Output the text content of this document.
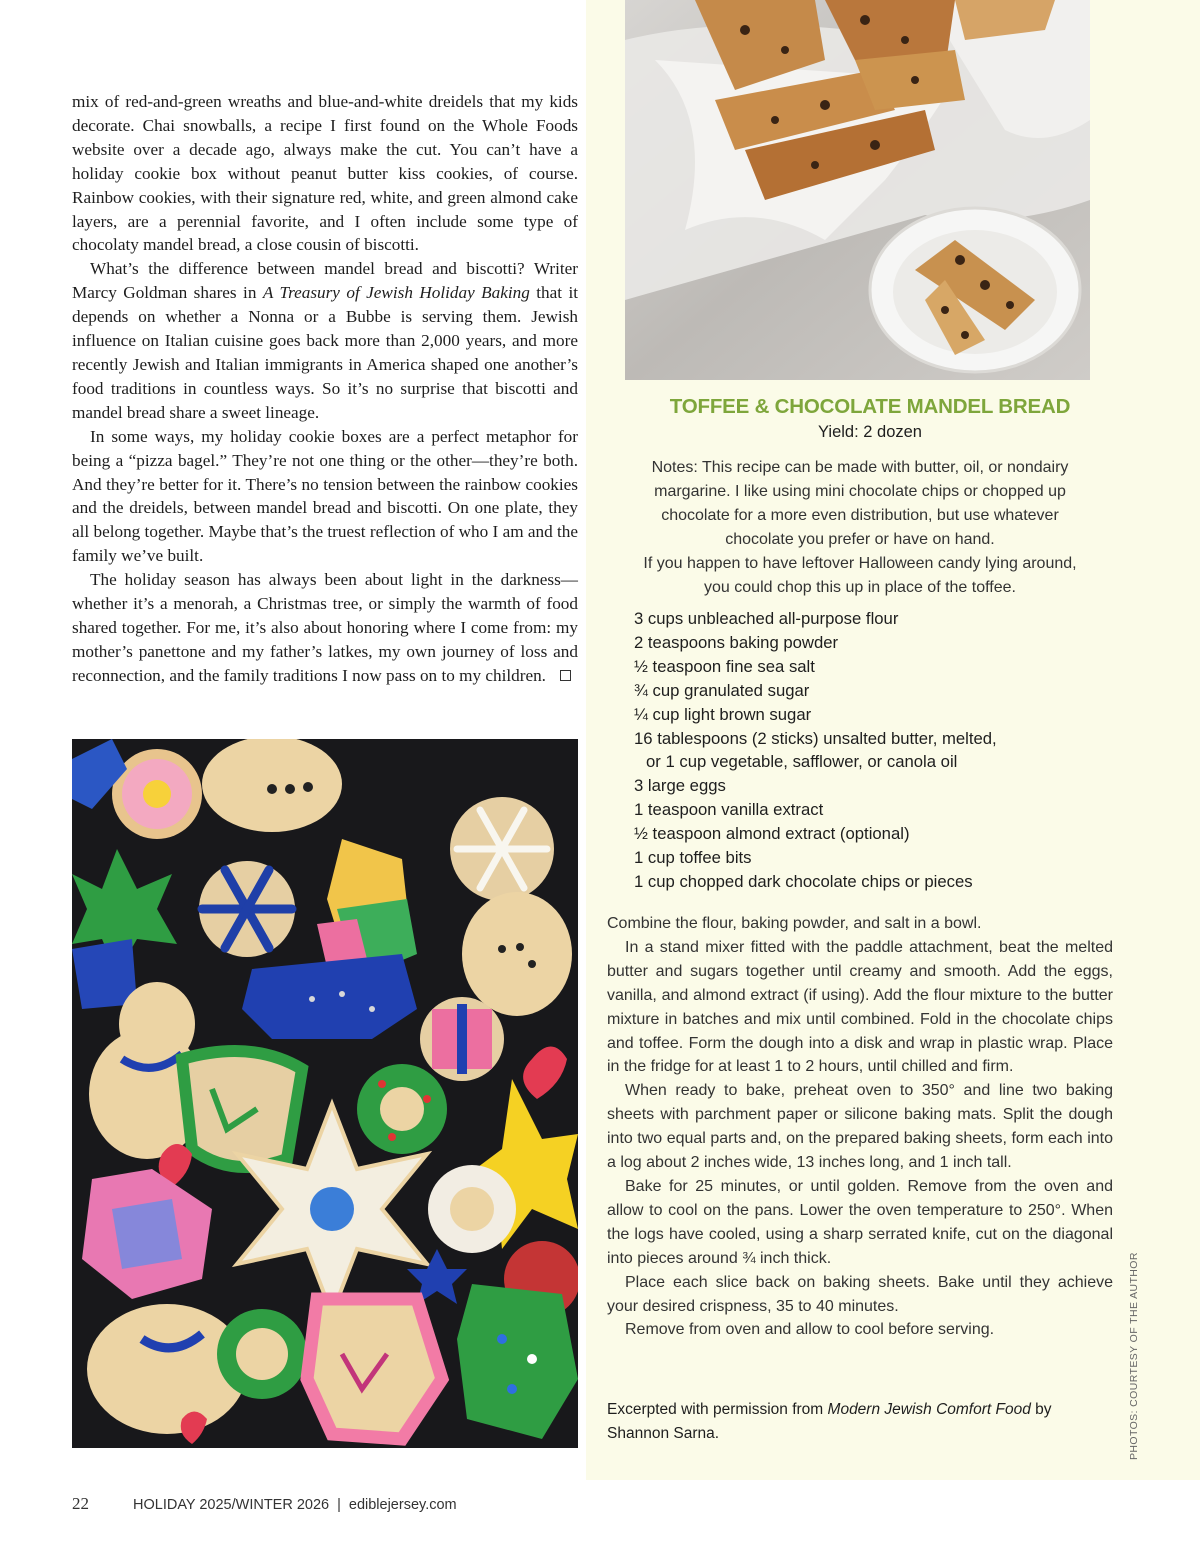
mix of red-and-green wreaths and blue-and-white dreidels that my kids decorate. Chai snowballs, a recipe I first found on the Whole Foods website over a decade ago, always make the cut. You can’t have a holiday cookie box without peanut butter kiss cookies, of course. Rainbow cookies, with their signature red, white, and green almond cake layers, are a perennial favorite, and I often include some type of chocolaty mandel bread, a close cousin of biscotti.

What’s the difference between mandel bread and biscotti? Writer Marcy Goldman shares in A Treasury of Jewish Holiday Baking that it depends on whether a Nonna or a Bubbe is serving them. Jewish influence on Italian cuisine goes back more than 2,000 years, and more recently Jewish and Italian immigrants in America shaped one another’s food traditions in countless ways. So it’s no surprise that biscotti and mandel bread share a sweet lineage.

In some ways, my holiday cookie boxes are a perfect metaphor for being a “pizza bagel.” They’re not one thing or the other—they’re both. And they’re better for it. There’s no tension between the rainbow cookies and the dreidels, between mandel bread and biscotti. On one plate, they all belong together. Maybe that’s the truest reflection of who I am and the family we’ve built.

The holiday season has always been about light in the darkness—whether it’s a menorah, a Christmas tree, or simply the warmth of food shared together. For me, it’s also about honoring where I come from: my mother’s panettone and my father’s latkes, my own journey of loss and reconnection, and the family traditions I now pass on to my children.

TOFFEE & CHOCOLATE MANDEL BREAD
Yield: 2 dozen
Notes: This recipe can be made with butter, oil, or nondairy
margarine. I like using mini chocolate chips or chopped up
chocolate for a more even distribution, but use whatever
chocolate you prefer or have on hand.
If you happen to have leftover Halloween candy lying around,
you could chop this up in place of the toffee.
3 cups unbleached all-purpose flour
2 teaspoons baking powder
½ teaspoon fine sea salt
¾ cup granulated sugar
¼ cup light brown sugar
16 tablespoons (2 sticks) unsalted butter, melted,
or 1 cup vegetable, safflower, or canola oil
3 large eggs
1 teaspoon vanilla extract
½ teaspoon almond extract (optional)
1 cup toffee bits
1 cup chopped dark chocolate chips or pieces

Combine the flour, baking powder, and salt in a bowl.

In a stand mixer fitted with the paddle attachment, beat the melted butter and sugars together until creamy and smooth. Add the eggs, vanilla, and almond extract (if using). Add the flour mixture to the butter mixture in batches and mix until combined. Fold in the chocolate chips and toffee. Form the dough into a disk and wrap in plastic wrap. Place in the fridge for at least 1 to 2 hours, until chilled and firm.

When ready to bake, preheat oven to 350° and line two baking sheets with parchment paper or silicone baking mats. Split the dough into two equal parts and, on the prepared baking sheets, form each into a log about 2 inches wide, 13 inches long, and 1 inch tall.

Bake for 25 minutes, or until golden. Remove from the oven and allow to cool on the pans. Lower the oven temperature to 250°. When the logs have cooled, using a sharp serrated knife, cut on the diagonal into pieces around ¾ inch thick.

Place each slice back on baking sheets. Bake until they achieve your desired crispness, 35 to 40 minutes.

Remove from oven and allow to cool before serving.

Excerpted with permission from Modern Jewish Comfort Food by Shannon Sarna.	PHOTOS: COURTESY OF THE AUTHOR
22	HOLIDAY 2025/WINTER 2026 | ediblejersey.com
